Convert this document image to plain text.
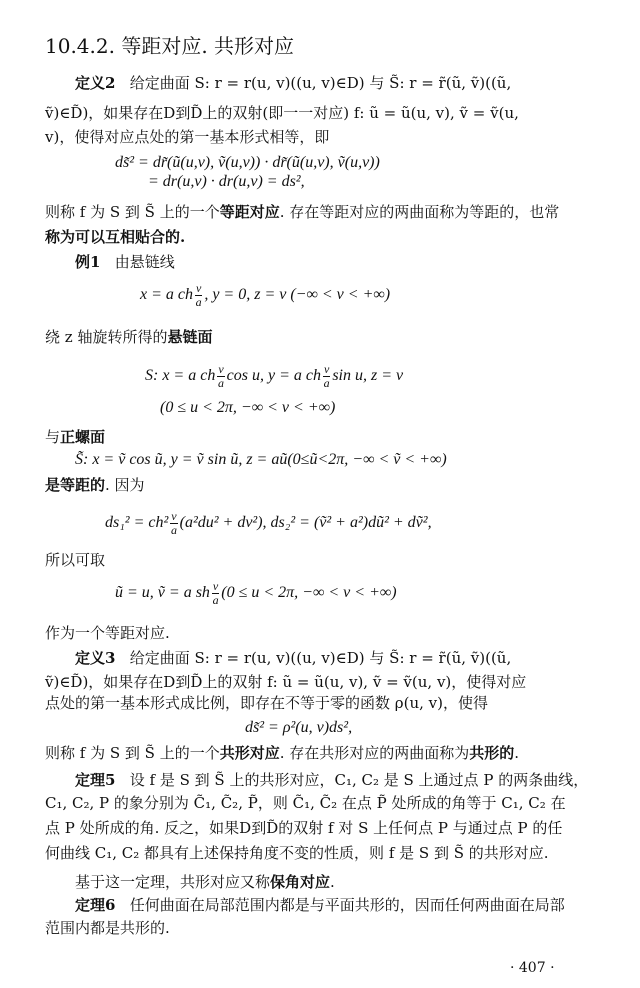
10.4.2. 等距对应. 共形对应
定义2 给定曲面 S: r = r(u, v)((u, v)∈D) 与 S̃: r = r̃(ũ, ṽ)((ũ,
ṽ)∈D̃)，如果存在D到D̃上的双射(即一一对应) f: ũ = ũ(u, v), ṽ = ṽ(u,
v)，使得对应点处的第一基本形式相等，即
ds̃² = dr̃(ũ(u,v), ṽ(u,v)) · dr̃(ũ(u,v), ṽ(u,v))
= dr(u,v) · dr(u,v) = ds²,
则称 f 为 S 到 S̃ 上的一个等距对应. 存在等距对应的两曲面称为等距的，也常
称为可以互相贴合的.
例1 由悬链线
x = a ch $\frac{v}{a}$ , y = 0, z = v (−∞ < v < +∞)
绕 z 轴旋转所得的悬链面
S: x = a ch $\frac{v}{a}$ cos u, y = a ch $\frac{v}{a}$ sin u, z = v
(0 ≤ u < 2π, −∞ < v < +∞)
与正螺面
S̃: x = ṽ cos ũ, y = ṽ sin ũ, z = aũ(0≤ũ<2π, −∞ < ṽ < +∞)
是等距的. 因为
$ds_1^2 = ch^2 \frac{v}{a} (a^2du^2 + dv^2)$, ds₂² = (ṽ² + a²)dũ² + dṽ²,
所以可取
ũ = u, ṽ = a sh $\frac{v}{a} (0 \le u < 2\pi$, −∞ < v < +∞)
作为一个等距对应.
定义3 给定曲面 S: r = r(u, v)((u, v)∈D) 与 S̃: r = r̃(ũ, ṽ)((ũ,
ṽ)∈D̃)，如果存在D到D̃上的双射 f: ũ = ũ(u, v), ṽ = ṽ(u, v)，使得对应
点处的第一基本形式成比例，即存在不等于零的函数 ρ(u, v)，使得
ds̃² = ρ²(u, v)ds²,
则称 f 为 S 到 S̃ 上的一个共形对应. 存在共形对应的两曲面称为共形的.
定理5 设 f 是 S 到 S̃ 上的共形对应，C₁, C₂ 是 S 上通过点 P 的两条曲线，
C₁, C₂, P 的象分别为 C̃₁, C̃₂, P̃，则 C̃₁, C̃₂ 在点 P̃ 处所成的角等于 C₁, C₂ 在
点 P 处所成的角. 反之，如果D到D̃的双射 f 对 S 上任何点 P 与通过点 P 的任
何曲线 C₁, C₂ 都具有上述保持角度不变的性质，则 f 是 S 到 S̃ 的共形对应.
基于这一定理，共形对应又称保角对应.
定理6 任何曲面在局部范围内都是与平面共形的，因而任何两曲面在局部
范围内都是共形的.
· 407 ·
